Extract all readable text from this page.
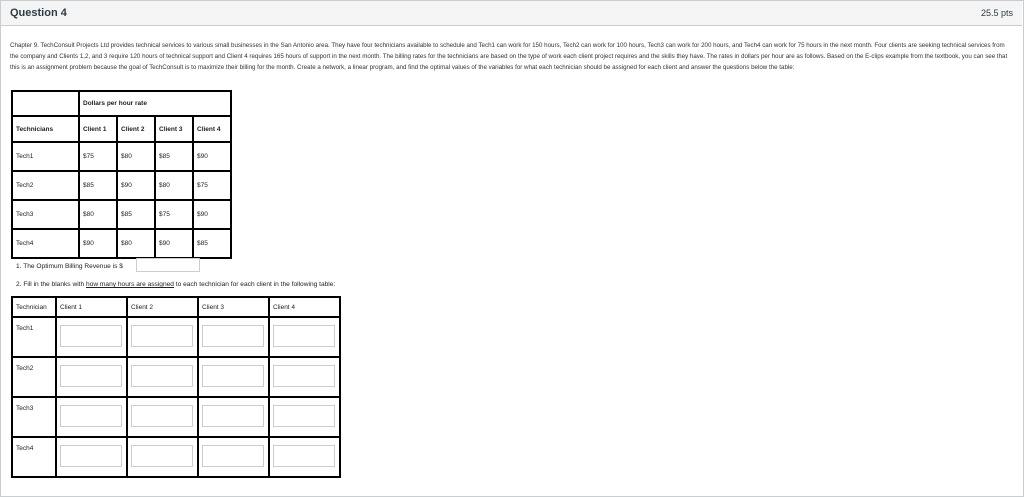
Question 4	25.5 pts
Chapter 9. TechConsult Projects Ltd provides technical services to various small businesses in the San Antonio area. They have four technicians available to schedule and Tech1 can work for 150 hours, Tech2 can work for 100 hours, Tech3 can work for 200 hours, and Tech4 can work for 75 hours in the next month. Four clients are seeking technical services from the company and Clients 1,2, and 3 require 120 hours of technical support and Client 4 requires 165 hours of support in the next month. The billing rates for the technicians are based on the type of work each client project requires and the skills they have. The rates in dollars per hour are as follows. Based on the E-clips example from the textbook, you can see that this is an assignment problem because the goal of TechConsult is to maximize their billing for the month. Create a network, a linear program, and find the optimal values of the variables for what each technician should be assigned for each client and answer the questions below the table:
	Dollars per hour rate			
Technicians	Client 1	Client 2	Client 3	Client 4
Tech1	$75	$80	$85	$90
Tech2	$85	$90	$80	$75
Tech3	$80	$85	$75	$90
Tech4	$90	$80	$90	$85
1. The Optimum Billing Revenue is $
2. Fill in the blanks with how many hours are assigned to each technician for each client in the following table:
Technician	Client 1	Client 2	Client 3	Client 4

Tech1

Tech2

Tech3

Tech4
